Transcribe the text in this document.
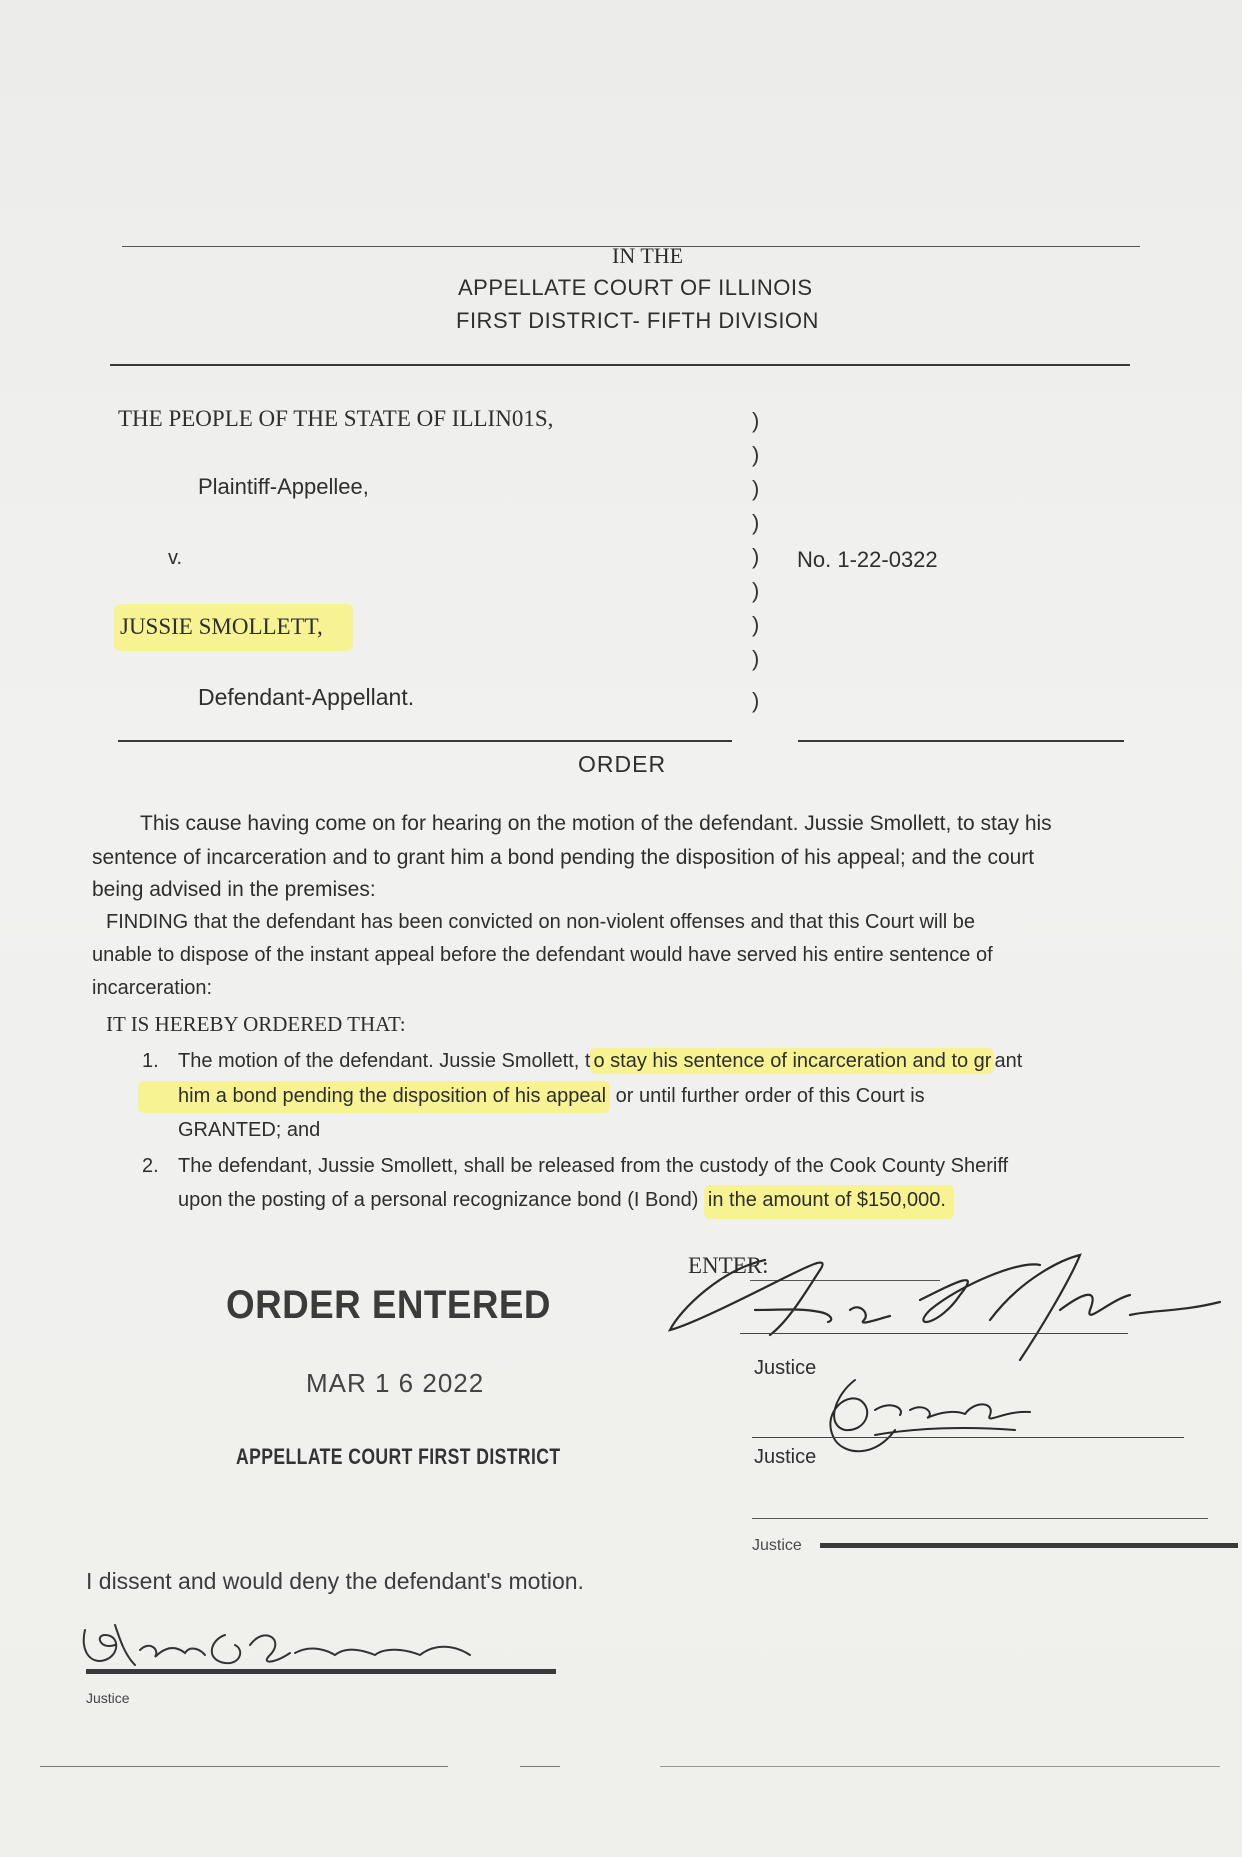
IN THE
APPELLATE COURT OF ILLINOIS
FIRST DISTRICT- FIFTH DIVISION
THE PEOPLE OF THE STATE OF ILLIN01S,
Plaintiff-Appellee,
v.
JUSSIE SMOLLETT,
Defendant-Appellant.
)
)
)
)
)
)
)
)
)
No. 1-22-0322
ORDER
This cause having come on for hearing on the motion of the defendant. Jussie Smollett, to stay his
sentence of incarceration and to grant him a bond pending the disposition of his appeal; and the court
being advised in the premises:
FINDING that the defendant has been convicted on non-violent offenses and that this Court will be
unable to dispose of the instant appeal before the defendant would have served his entire sentence of
incarceration:
IT IS HEREBY ORDERED THAT:
1. The motion of the defendant. Jussie Smollett, t o stay his sentence of incarceration and to gr ant
him a bond pending the disposition of his appeal or until further order of this Court is
GRANTED; and
2. The defendant, Jussie Smollett, shall be released from the custody of the Cook County Sheriff
upon the posting of a personal recognizance bond (I Bond) in the amount of $150,000.
ORDER ENTERED
MAR 1 6 2022
APPELLATE COURT FIRST DISTRICT
ENTER:
Justice
Justice
Justice
I dissent and would deny the defendant's motion.
Justice
